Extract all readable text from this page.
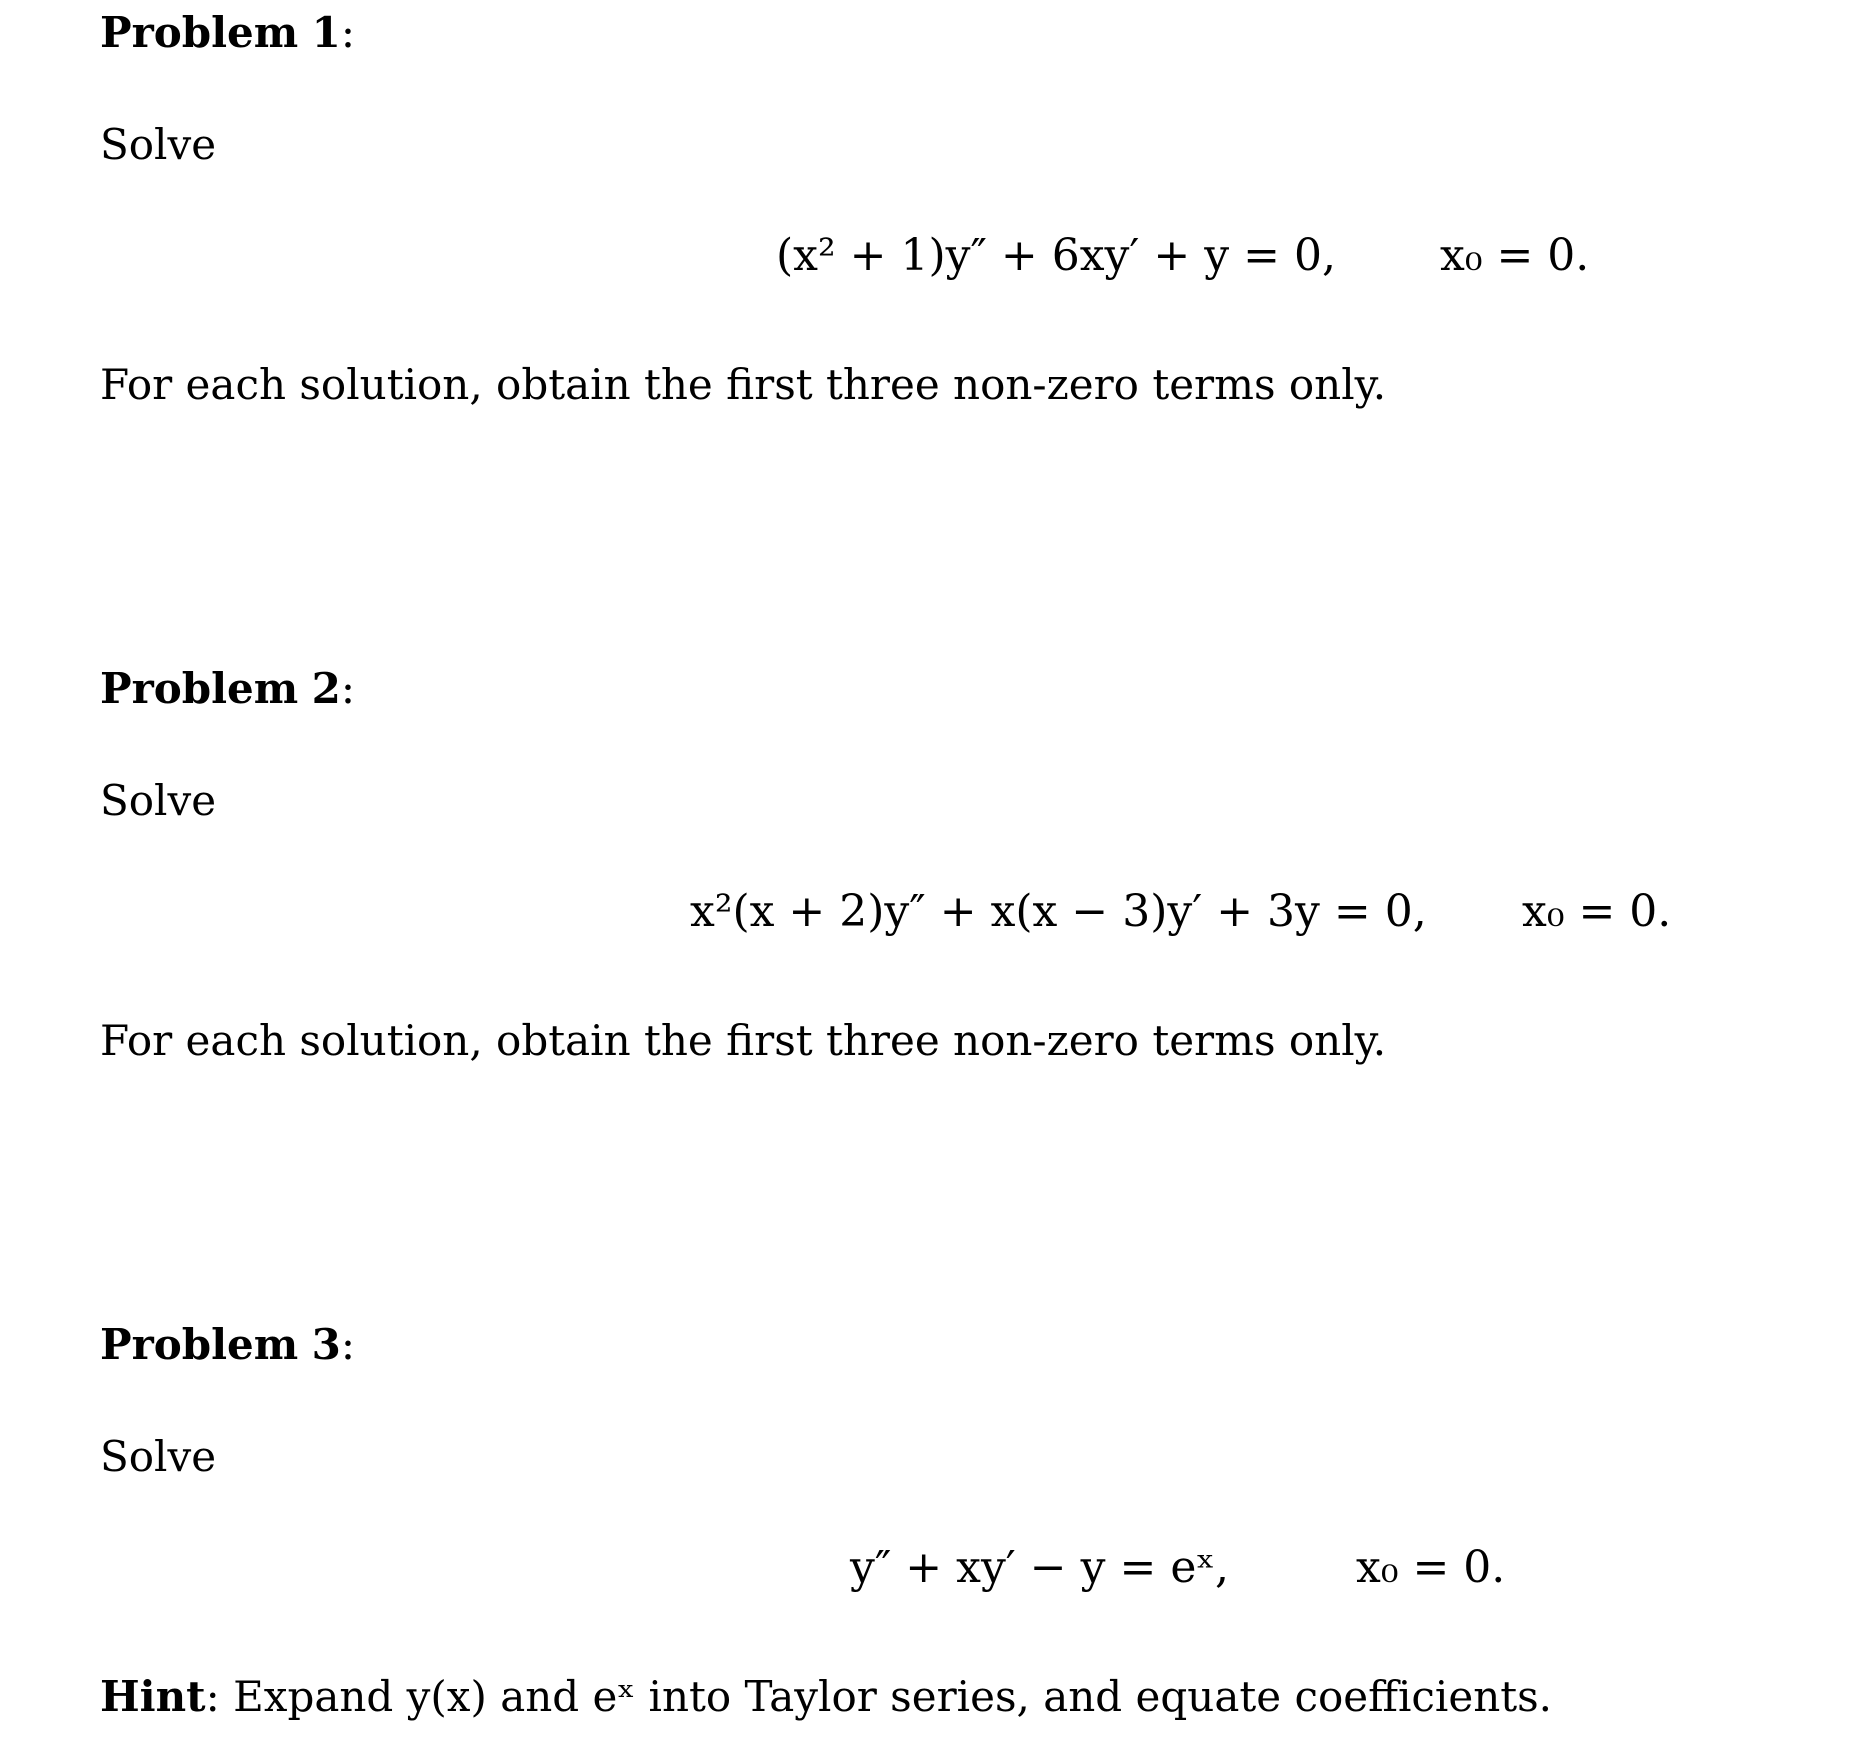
Problem 1:
Solve
(x² + 1)y″ + 6xy′ + y = 0, x₀ = 0.
For each solution, obtain the first three non-zero terms only.
Problem 2:
Solve
x²(x + 2)y″ + x(x − 3)y′ + 3y = 0, x₀ = 0.
For each solution, obtain the first three non-zero terms only.
Problem 3:
Solve
y″ + xy′ − y = eˣ,	x₀ = 0.
Hint: Expand y(x) and eˣ into Taylor series, and equate coefficients.
